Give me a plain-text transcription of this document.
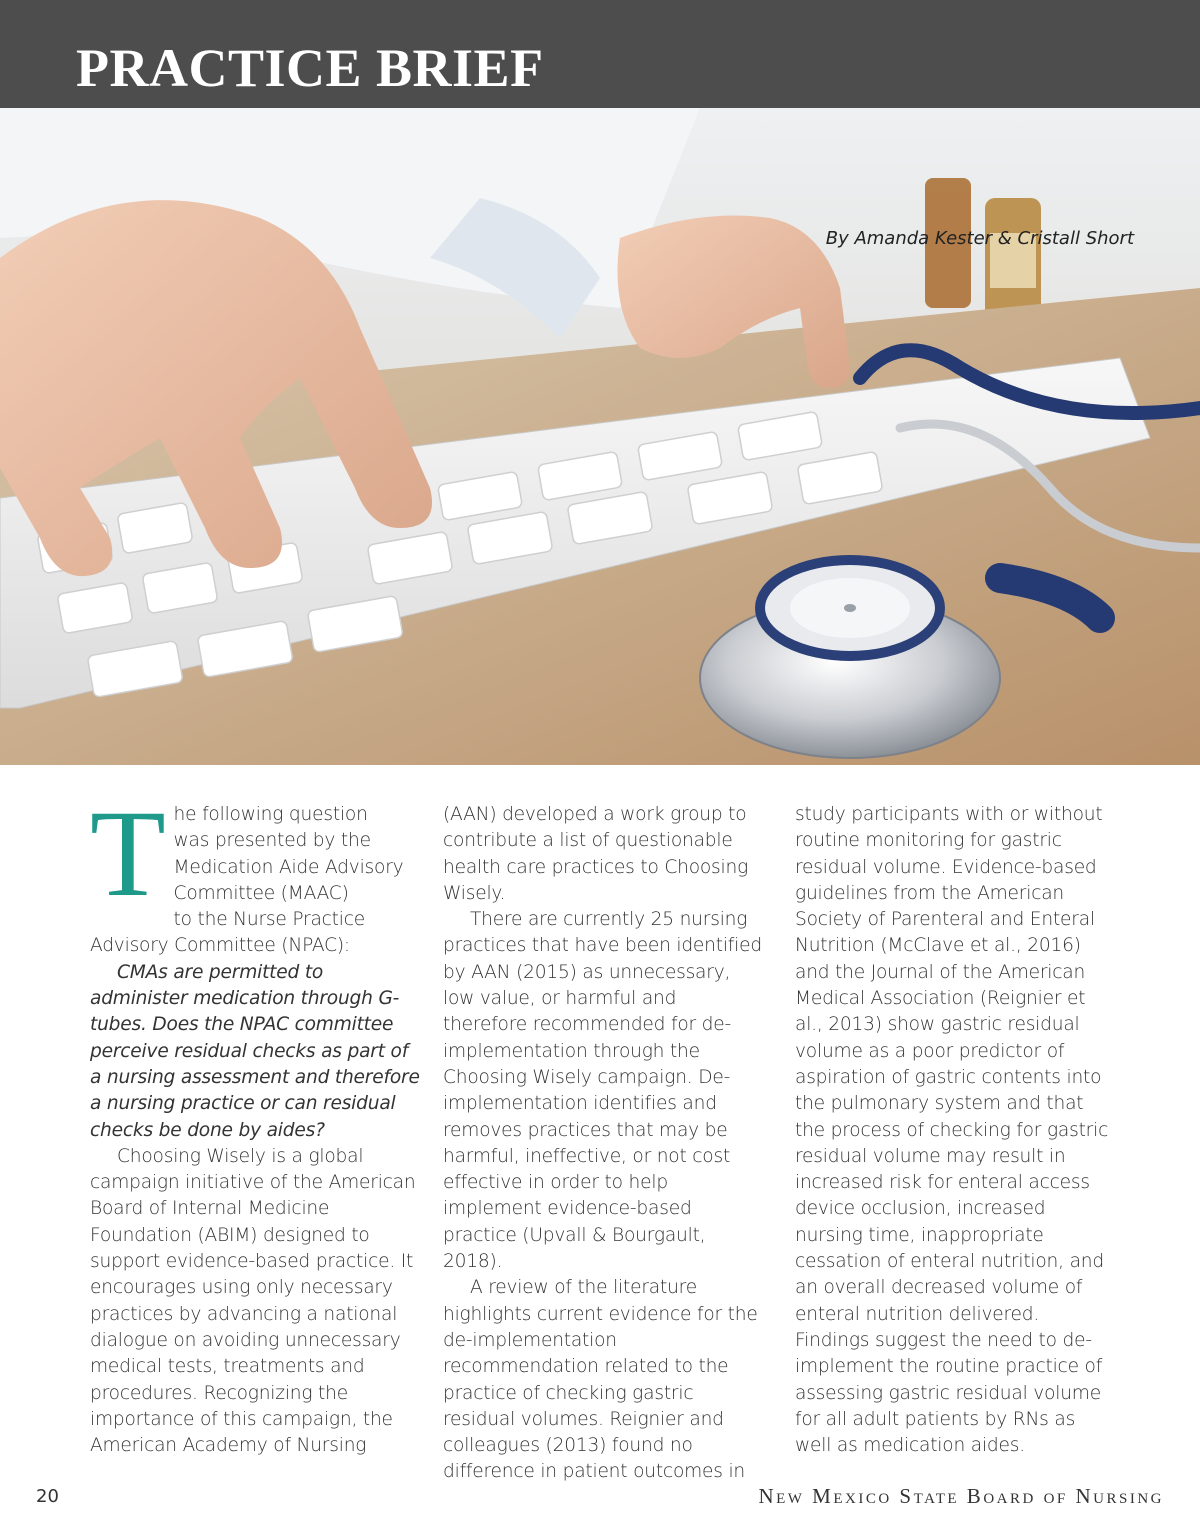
PRACTICE BRIEF
By Amanda Kester & Cristall Short

T he following question
was presented by the
Medication Aide Advisory
Committee (MAAC)
to the Nurse Practice Advisory Committee (NPAC):

CMAs are permitted to administer medication through G-tubes. Does the NPAC committee perceive residual checks as part of a nursing assessment and therefore a nursing practice or can residual checks be done by aides?

Choosing Wisely is a global campaign initiative of the American Board of Internal Medicine Foundation (ABIM) designed to support evidence-based practice. It encourages using only necessary practices by advancing a national dialogue on avoiding unnecessary medical tests, treatments and procedures. Recognizing the importance of this campaign, the American Academy of Nursing

(AAN) developed a work group to contribute a list of questionable health care practices to Choosing Wisely.

There are currently 25 nursing practices that have been identified by AAN (2015) as unnecessary, low value, or harmful and therefore recommended for de-implementation through the Choosing Wisely campaign. De-implementation identifies and removes practices that may be harmful, ineffective, or not cost effective in order to help implement evidence-based practice (Upvall & Bourgault, 2018).

A review of the literature highlights current evidence for the de-implementation recommendation related to the practice of checking gastric residual volumes. Reignier and colleagues (2013) found no difference in patient outcomes in

study participants with or without routine monitoring for gastric residual volume. Evidence-based guidelines from the American Society of Parenteral and Enteral Nutrition (McClave et al., 2016) and the Journal of the American Medical Association (Reignier et al., 2013) show gastric residual volume as a poor predictor of aspiration of gastric contents into the pulmonary system and that the process of checking for gastric residual volume may result in increased risk for enteral access device occlusion, increased nursing time, inappropriate cessation of enteral nutrition, and an overall decreased volume of enteral nutrition delivered. Findings suggest the need to de-implement the routine practice of assessing gastric residual volume for all adult patients by RNs as well as medication aides.

20	New Mexico State Board of Nursing
